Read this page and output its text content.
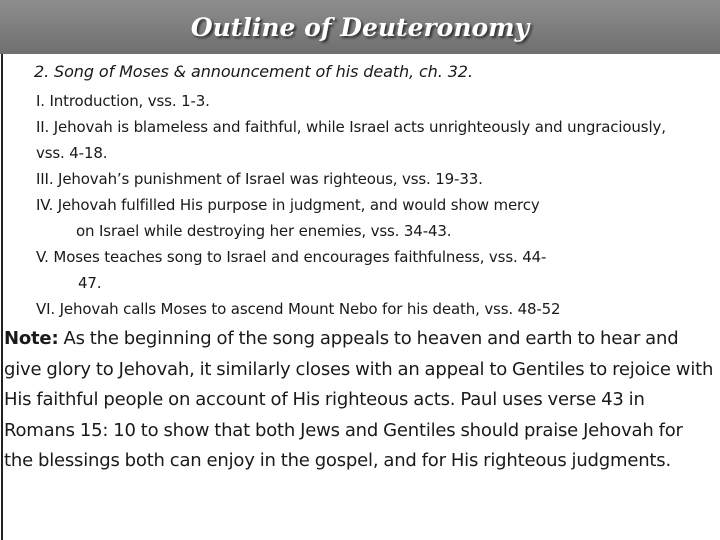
Outline of Deuteronomy
2. Song of Moses & announcement of his death, ch. 32.
I. Introduction, vss. 1-3.
II. Jehovah is blameless and faithful, while Israel acts unrighteously and ungraciously, vss. 4-18.
III. Jehovah’s punishment of Israel was righteous, vss. 19-33.
IV. Jehovah fulfilled His purpose in judgment, and would show mercy
on Israel while destroying her enemies, vss. 34-43.
V. Moses teaches song to Israel and encourages faithfulness, vss. 44-
47.
VI. Jehovah calls Moses to ascend Mount Nebo for his death, vss. 48-52
Note: As the beginning of the song appeals to heaven and earth to hear and give glory to Jehovah, it similarly closes with an appeal to Gentiles to rejoice with His faithful people on account of His righteous acts. Paul uses verse 43 in Romans 15: 10 to show that both Jews and Gentiles should praise Jehovah for the blessings both can enjoy in the gospel, and for His righteous judgments.
